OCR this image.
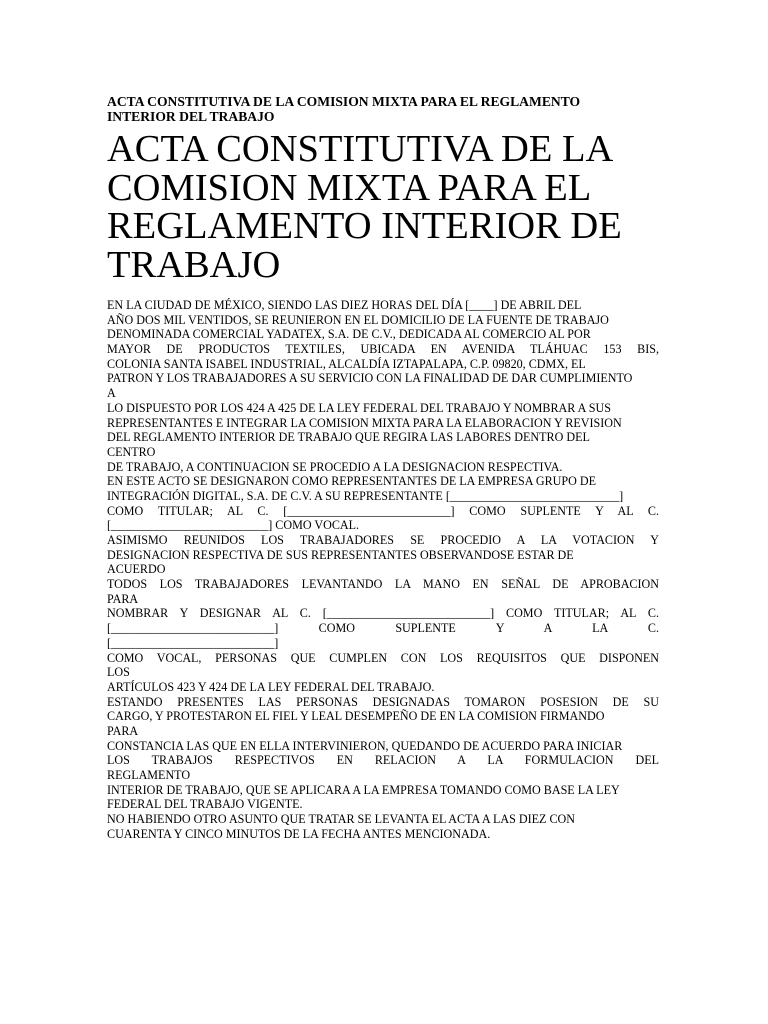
ACTA CONSTITUTIVA DE LA COMISION MIXTA PARA EL REGLAMENTO
INTERIOR DEL TRABAJO
ACTA CONSTITUTIVA DE LA
COMISION MIXTA PARA EL
REGLAMENTO INTERIOR DE
TRABAJO
EN LA CIUDAD DE MÉXICO, SIENDO LAS DIEZ HORAS DEL DÍA [____] DE ABRIL DEL
AÑO DOS MIL VENTIDOS, SE REUNIERON EN EL DOMICILIO DE LA FUENTE DE TRABAJO
DENOMINADA COMERCIAL YADATEX, S.A. DE C.V., DEDICADA AL COMERCIO AL POR
MAYOR DE PRODUCTOS TEXTILES, UBICADA EN AVENIDA TLÁHUAC 153 BIS,
COLONIA SANTA ISABEL INDUSTRIAL, ALCALDÍA IZTAPALAPA, C.P. 09820, CDMX, EL
PATRON Y LOS TRABAJADORES A SU SERVICIO CON LA FINALIDAD DE DAR CUMPLIMIENTO
A
LO DISPUESTO POR LOS 424 A 425 DE LA LEY FEDERAL DEL TRABAJO Y NOMBRAR A SUS
REPRESENTANTES E INTEGRAR LA COMISION MIXTA PARA LA ELABORACION Y REVISION
DEL REGLAMENTO INTERIOR DE TRABAJO QUE REGIRA LAS LABORES DENTRO DEL
CENTRO
DE TRABAJO, A CONTINUACION SE PROCEDIO A LA DESIGNACION RESPECTIVA.
EN ESTE ACTO SE DESIGNARON COMO REPRESENTANTES DE LA EMPRESA GRUPO DE
INTEGRACIÓN DIGITAL, S.A. DE C.V. A SU REPRESENTANTE [____________________________]
COMO TITULAR; AL C. [___________________________] COMO SUPLENTE Y AL C.
[__________________________] COMO VOCAL.
ASIMISMO REUNIDOS LOS TRABAJADORES SE PROCEDIO A LA VOTACION Y
DESIGNACION RESPECTIVA DE SUS REPRESENTANTES OBSERVANDOSE ESTAR DE
ACUERDO
TODOS LOS TRABAJADORES LEVANTANDO LA MANO EN SEÑAL DE APROBACION
PARA
NOMBRAR Y DESIGNAR AL C. [___________________________] COMO TITULAR; AL C.
[___________________________] COMO SUPLENTE Y A LA C.
[___________________________]
COMO VOCAL, PERSONAS QUE CUMPLEN CON LOS REQUISITOS QUE DISPONEN
LOS
ARTÍCULOS 423 Y 424 DE LA LEY FEDERAL DEL TRABAJO.
ESTANDO PRESENTES LAS PERSONAS DESIGNADAS TOMARON POSESION DE SU
CARGO, Y PROTESTARON EL FIEL Y LEAL DESEMPEÑO DE EN LA COMISION FIRMANDO
PARA
CONSTANCIA LAS QUE EN ELLA INTERVINIERON, QUEDANDO DE ACUERDO PARA INICIAR
LOS TRABAJOS RESPECTIVOS EN RELACION A LA FORMULACION DEL
REGLAMENTO
INTERIOR DE TRABAJO, QUE SE APLICARA A LA EMPRESA TOMANDO COMO BASE LA LEY
FEDERAL DEL TRABAJO VIGENTE.
NO HABIENDO OTRO ASUNTO QUE TRATAR SE LEVANTA EL ACTA A LAS DIEZ CON
CUARENTA Y CINCO MINUTOS DE LA FECHA ANTES MENCIONADA.
